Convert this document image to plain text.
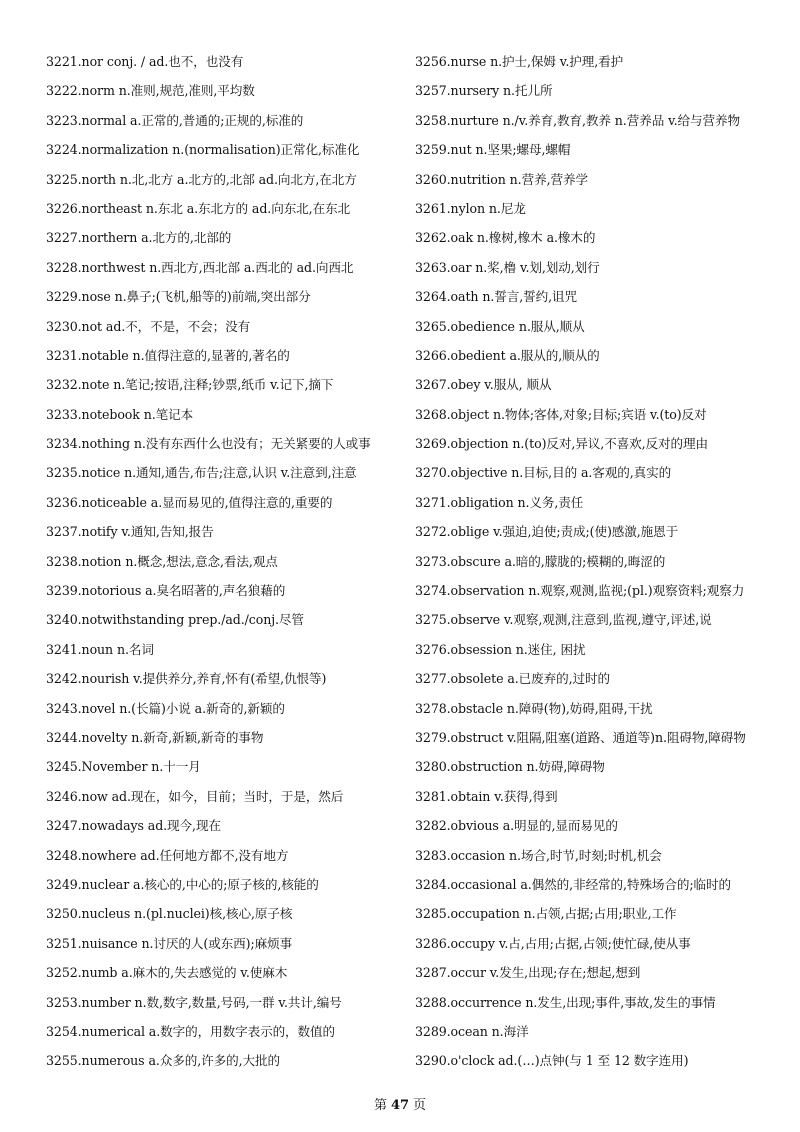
3221.nor conj. / ad.也不，也没有
3222.norm n.准则,规范,准则,平均数
3223.normal a.正常的,普通的;正规的,标准的
3224.normalization n.(normalisation)正常化,标准化
3225.north n.北,北方 a.北方的,北部 ad.向北方,在北方
3226.northeast n.东北 a.东北方的 ad.向东北,在东北
3227.northern a.北方的,北部的
3228.northwest n.西北方,西北部 a.西北的 ad.向西北
3229.nose n.鼻子;(飞机,船等的)前端,突出部分
3230.not ad.不，不是，不会；没有
3231.notable n.值得注意的,显著的,著名的
3232.note n.笔记;按语,注释;钞票,纸币 v.记下,摘下
3233.notebook n.笔记本
3234.nothing n.没有东西什么也没有；无关紧要的人或事
3235.notice n.通知,通告,布告;注意,认识 v.注意到,注意
3236.noticeable a.显而易见的,值得注意的,重要的
3237.notify v.通知,告知,报告
3238.notion n.概念,想法,意念,看法,观点
3239.notorious a.臭名昭著的,声名狼藉的
3240.notwithstanding prep./ad./conj.尽管
3241.noun n.名词
3242.nourish v.提供养分,养育,怀有(希望,仇恨等)
3243.novel n.(长篇)小说 a.新奇的,新颖的
3244.novelty n.新奇,新颖,新奇的事物
3245.November n.十一月
3246.now ad.现在，如今，目前；当时，于是，然后
3247.nowadays ad.现今,现在
3248.nowhere ad.任何地方都不,没有地方
3249.nuclear a.核心的,中心的;原子核的,核能的
3250.nucleus n.(pl.nuclei)核,核心,原子核
3251.nuisance n.讨厌的人(或东西);麻烦事
3252.numb a.麻木的,失去感觉的 v.使麻木
3253.number n.数,数字,数量,号码,一群 v.共计,编号
3254.numerical a.数字的，用数字表示的，数值的
3255.numerous a.众多的,许多的,大批的
3256.nurse n.护士,保姆 v.护理,看护
3257.nursery n.托儿所
3258.nurture n./v.养育,教育,教养 n.营养品 v.给与营养物
3259.nut n.坚果;螺母,螺帽
3260.nutrition n.营养,营养学
3261.nylon n.尼龙
3262.oak n.橡树,橡木 a.橡木的
3263.oar n.桨,橹 v.划,划动,划行
3264.oath n.誓言,誓约,诅咒
3265.obedience n.服从,顺从
3266.obedient a.服从的,顺从的
3267.obey v.服从, 顺从
3268.object n.物体;客体,对象;目标;宾语 v.(to)反对
3269.objection n.(to)反对,异议,不喜欢,反对的理由
3270.objective n.目标,目的 a.客观的,真实的
3271.obligation n.义务,责任
3272.oblige v.强迫,迫使;责成;(使)感激,施恩于
3273.obscure a.暗的,朦胧的;模糊的,晦涩的
3274.observation n.观察,观测,监视;(pl.)观察资料;观察力
3275.observe v.观察,观测,注意到,监视,遵守,评述,说
3276.obsession n.迷住, 困扰
3277.obsolete a.已废弃的,过时的
3278.obstacle n.障碍(物),妨碍,阻碍,干扰
3279.obstruct v.阻隔,阻塞(道路、通道等)n.阻碍物,障碍物
3280.obstruction n.妨碍,障碍物
3281.obtain v.获得,得到
3282.obvious a.明显的,显而易见的
3283.occasion n.场合,时节,时刻;时机,机会
3284.occasional a.偶然的,非经常的,特殊场合的;临时的
3285.occupation n.占领,占据;占用;职业,工作
3286.occupy v.占,占用;占据,占领;使忙碌,使从事
3287.occur v.发生,出现;存在;想起,想到
3288.occurrence n.发生,出现;事件,事故,发生的事情
3289.ocean n.海洋
3290.o'clock ad.(…)点钟(与 1 至 12 数字连用)
第 47 页
